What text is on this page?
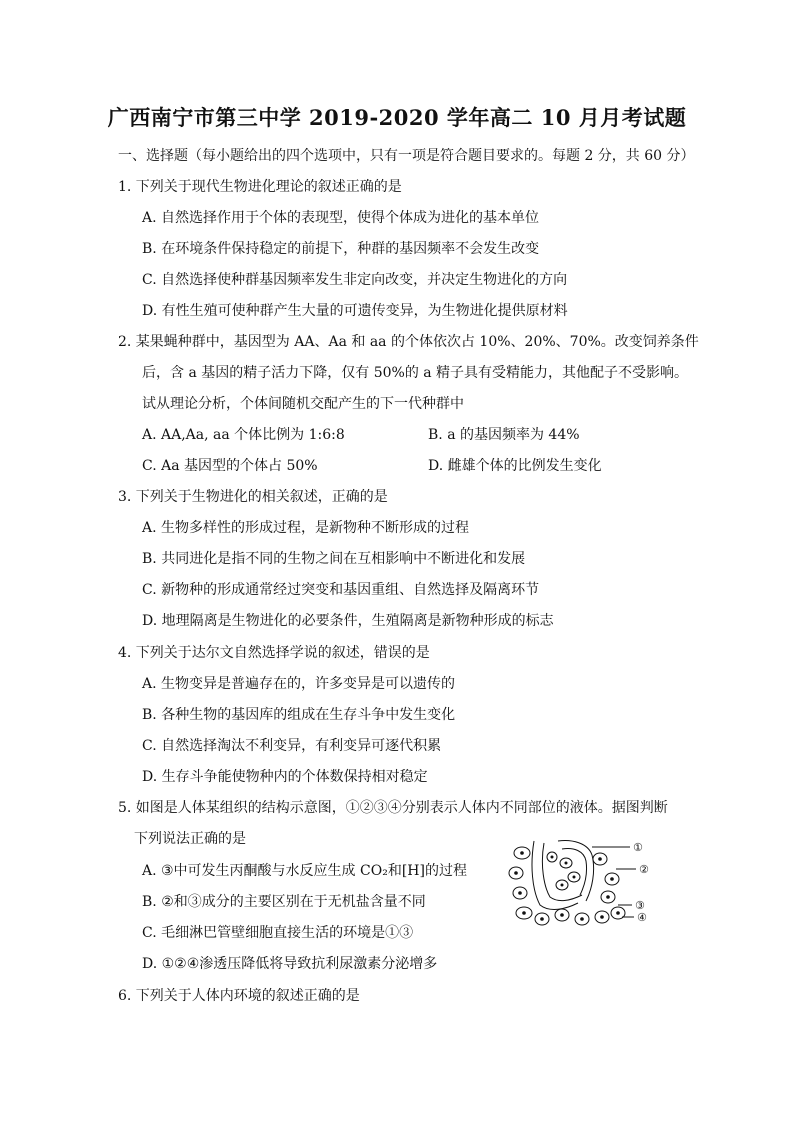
广西南宁市第三中学 2019-2020 学年高二 10 月月考试题
一、选择题（每小题给出的四个选项中，只有一项是符合题目要求的。每题 2 分，共 60 分）
1. 下列关于现代生物进化理论的叙述正确的是
A. 自然选择作用于个体的表现型，使得个体成为进化的基本单位
B. 在环境条件保持稳定的前提下，种群的基因频率不会发生改变
C. 自然选择使种群基因频率发生非定向改变，并决定生物进化的方向
D. 有性生殖可使种群产生大量的可遗传变异，为生物进化提供原材料
2. 某果蝇种群中，基因型为 AA、Aa 和 aa 的个体依次占 10%、20%、70%。改变饲养条件
后，含 a 基因的精子活力下降，仅有 50%的 a 精子具有受精能力，其他配子不受影响。
试从理论分析，个体间随机交配产生的下一代种群中
A. AA,Aa, aa 个体比例为 1:6:8	B. a 的基因频率为 44%
C. Aa 基因型的个体占 50%	D. 雌雄个体的比例发生变化
3. 下列关于生物进化的相关叙述，正确的是
A. 生物多样性的形成过程，是新物种不断形成的过程
B. 共同进化是指不同的生物之间在互相影响中不断进化和发展
C. 新物种的形成通常经过突变和基因重组、自然选择及隔离环节
D. 地理隔离是生物进化的必要条件，生殖隔离是新物种形成的标志
4. 下列关于达尔文自然选择学说的叙述，错误的是
A. 生物变异是普遍存在的，许多变异是可以遗传的
B. 各种生物的基因库的组成在生存斗争中发生变化
C. 自然选择淘汰不利变异，有利变异可逐代积累
D. 生存斗争能使物种内的个体数保持相对稳定
5. 如图是人体某组织的结构示意图，①②③④分别表示人体内不同部位的液体。据图判断
下列说法正确的是
A. ③中可发生丙酮酸与水反应生成 CO₂和[H]的过程
B. ②和③成分的主要区别在于无机盐含量不同
C. 毛细淋巴管壁细胞直接生活的环境是①③
D. ①②④渗透压降低将导致抗利尿激素分泌增多
①
②
③
④
6. 下列关于人体内环境的叙述正确的是
